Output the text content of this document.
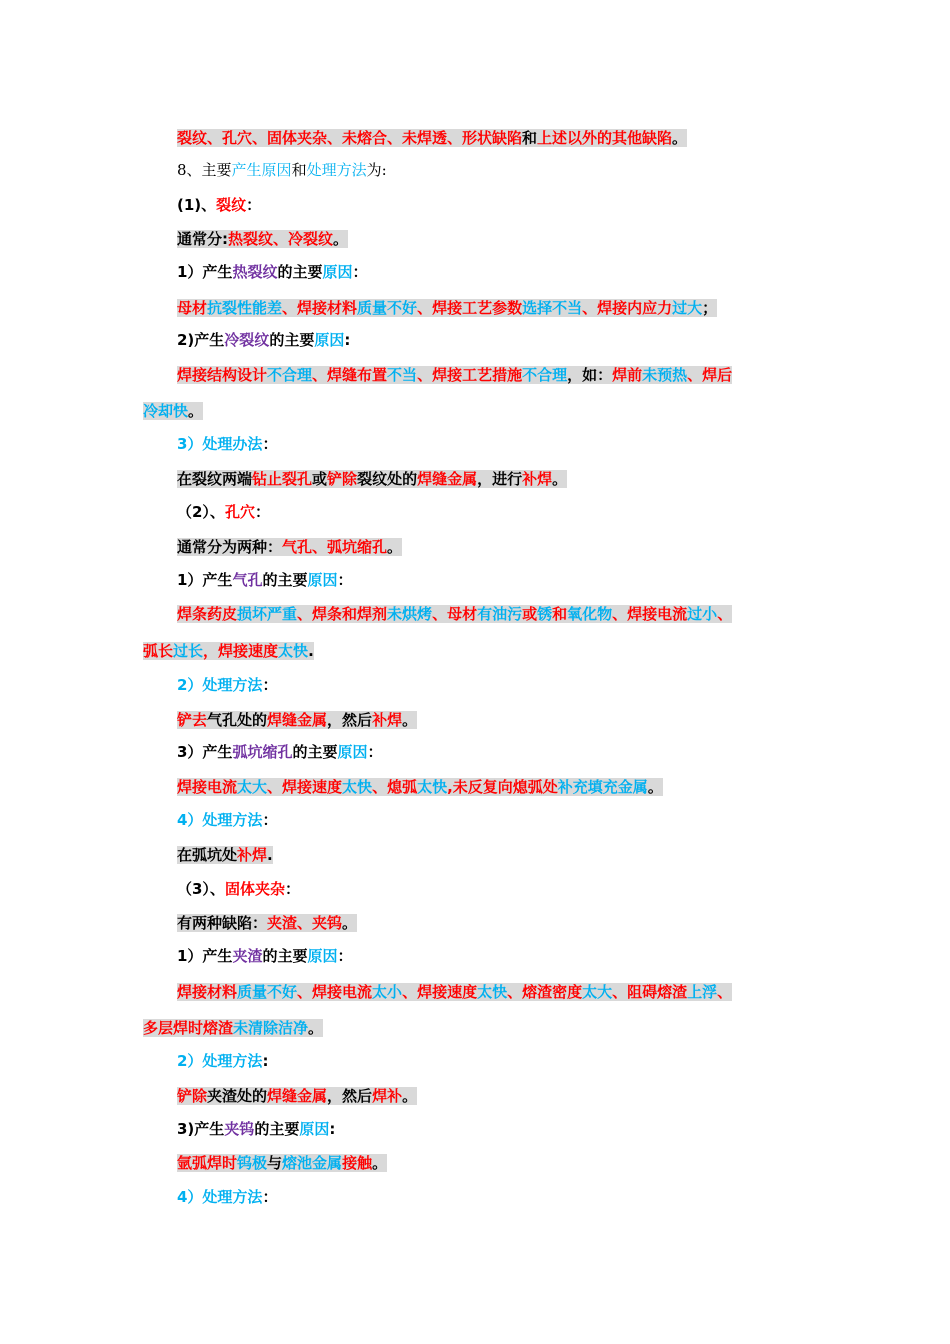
裂纹、孔穴、固体夹杂、未熔合、未焊透、形状缺陷和上述以外的其他缺陷。
8、主要产生原因和处理方法为:
(1)、裂纹：
通常分:热裂纹、冷裂纹。
1）产生热裂纹的主要原因：
母材抗裂性能差、焊接材料质量不好、焊接工艺参数选择不当、焊接内应力过大；
2)产生冷裂纹的主要原因:
焊接结构设计不合理、焊缝布置不当、焊接工艺措施不合理，如：焊前未预热、焊后
冷却快。
3）处理办法：
在裂纹两端钻止裂孔或铲除裂纹处的焊缝金属，进行补焊。
（2）、孔穴：
通常分为两种：气孔、弧坑缩孔。
1）产生气孔的主要原因：
焊条药皮损坏严重、焊条和焊剂未烘烤、母材有油污或锈和氧化物、焊接电流过小、
弧长过长，焊接速度太快.
2）处理方法：
铲去气孔处的焊缝金属，然后补焊。
3）产生弧坑缩孔的主要原因：
焊接电流太大、焊接速度太快、熄弧太快,未反复向熄弧处补充填充金属。
4）处理方法：
在弧坑处补焊.
（3）、固体夹杂：
有两种缺陷：夹渣、夹钨。
1）产生夹渣的主要原因：
焊接材料质量不好、焊接电流太小、焊接速度太快、熔渣密度太大、阻碍熔渣上浮、
多层焊时熔渣未清除洁净。
2）处理方法:
铲除夹渣处的焊缝金属，然后焊补。
3)产生夹钨的主要原因:
氩弧焊时钨极与熔池金属接触。
4）处理方法：
